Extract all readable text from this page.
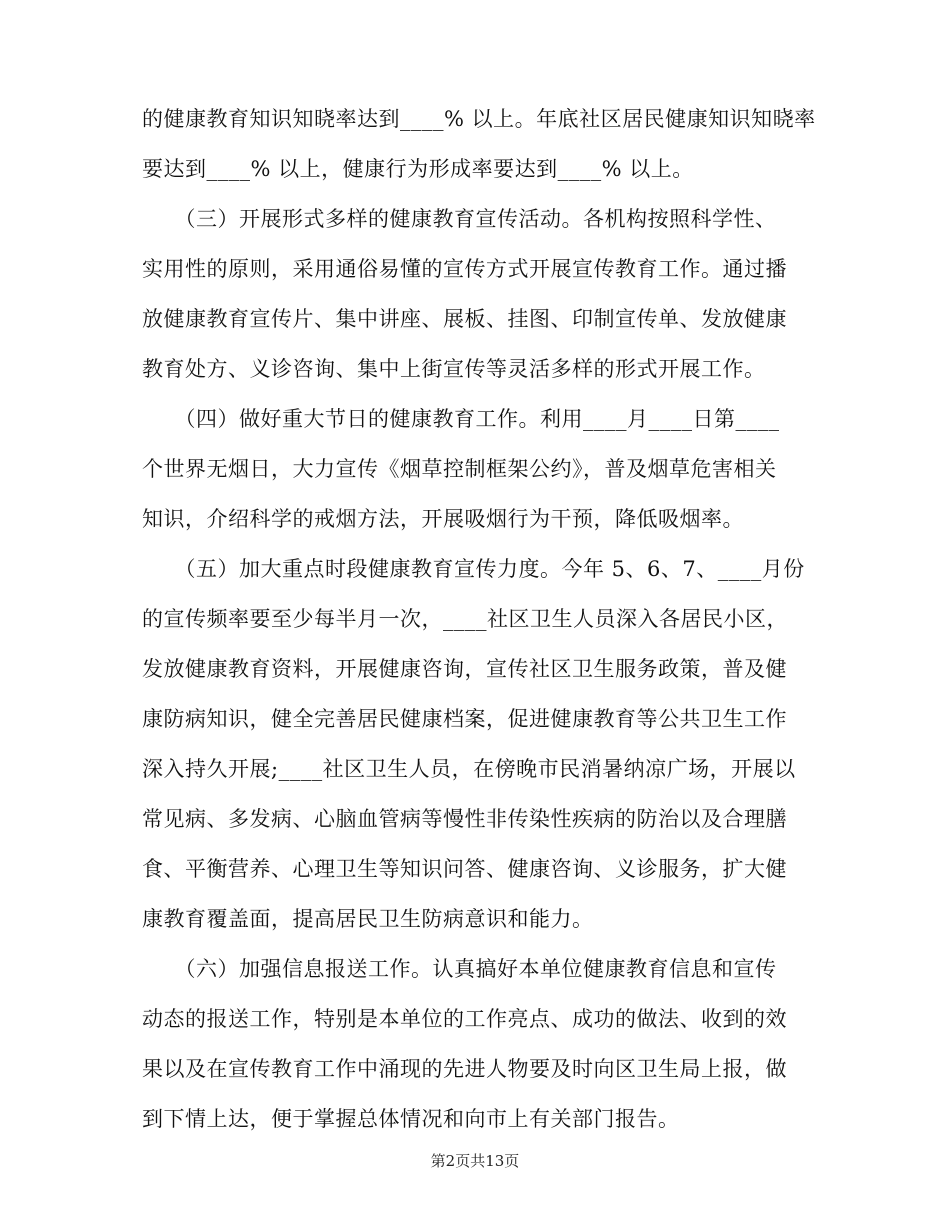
的健康教育知识知晓率达到____% 以上。年底社区居民健康知识知晓率
要达到____% 以上，健康行为形成率要达到____% 以上。

　　（三）开展形式多样的健康教育宣传活动。各机构按照科学性、
实用性的原则，采用通俗易懂的宣传方式开展宣传教育工作。通过播
放健康教育宣传片、集中讲座、展板、挂图、印制宣传单、发放健康
教育处方、义诊咨询、集中上街宣传等灵活多样的形式开展工作。

　　（四）做好重大节日的健康教育工作。利用____月____日第____
个世界无烟日，大力宣传《烟草控制框架公约》，普及烟草危害相关
知识，介绍科学的戒烟方法，开展吸烟行为干预，降低吸烟率。

　　（五）加大重点时段健康教育宣传力度。今年 5、6、7、____月份
的宣传频率要至少每半月一次，____社区卫生人员深入各居民小区，
发放健康教育资料，开展健康咨询，宣传社区卫生服务政策，普及健
康防病知识，健全完善居民健康档案，促进健康教育等公共卫生工作
深入持久开展;____社区卫生人员，在傍晚市民消暑纳凉广场，开展以
常见病、多发病、心脑血管病等慢性非传染性疾病的防治以及合理膳
食、平衡营养、心理卫生等知识问答、健康咨询、义诊服务，扩大健
康教育覆盖面，提高居民卫生防病意识和能力。

　　（六）加强信息报送工作。认真搞好本单位健康教育信息和宣传
动态的报送工作，特别是本单位的工作亮点、成功的做法、收到的效
果以及在宣传教育工作中涌现的先进人物要及时向区卫生局上报，做
到下情上达，便于掌握总体情况和向市上有关部门报告。

第2页共13页
